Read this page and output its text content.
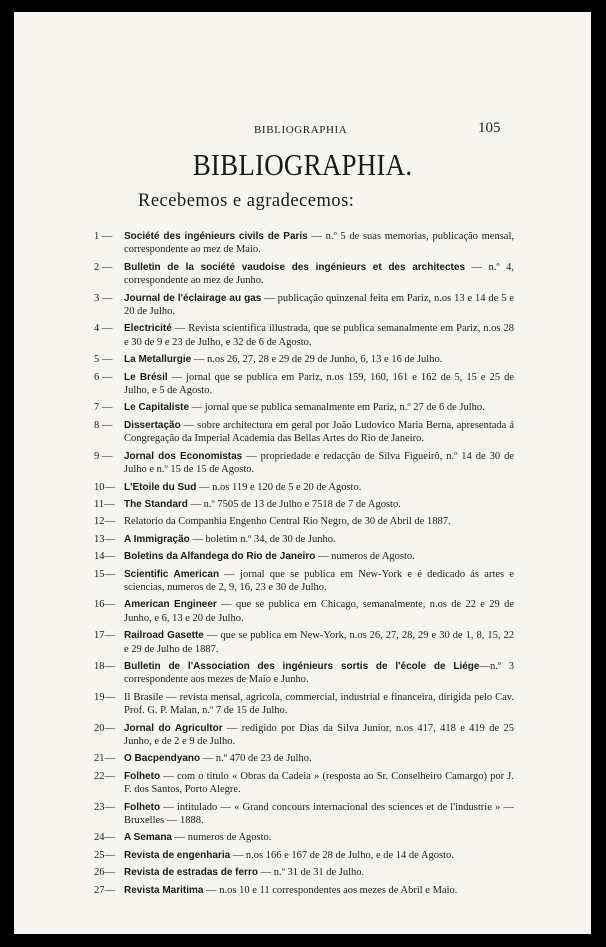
BIBLIOGRAPHIA	105
BIBLIOGRAPHIA.
Recebemos e agradecemos:
1 —	Société des ingénieurs civils de Paris — n.º 5 de suas memorias, publicação mensal, correspondente ao mez de Maio.
2 —	Bulletin de la société vaudoise des ingénieurs et des architectes — n.º 4, correspondente ao mez de Junho.
3 —	Journal de l'éclairage au gas — publicação quinzenal feita em Pariz, n.os 13 e 14 de 5 e 20 de Julho.
4 —	Electricité — Revista scientifica illustrada, que se publica semanalmente em Pariz, n.os 28 e 30 de 9 e 23 de Julho, e 32 de 6 de Agosto.
5 —	La Metallurgie — n.os 26, 27, 28 e 29 de 29 de Junho, 6, 13 e 16 de Julho.
6 —	Le Brésil — jornal que se publica em Pariz, n.os 159, 160, 161 e 162 de 5, 15 e 25 de Julho, e 5 de Agosto.
7 —	Le Capitaliste — jornal que se publica semanalmente em Pariz, n.º 27 de 6 de Julho.
8 —	Dissertação — sobre architectura em geral por João Ludovico Maria Berna, apresentada á Congregação da Imperial Academia das Bellas Artes do Rio de Janeiro.
9 —	Jornal dos Economistas — propriedade e redacção de Silva Figueirô, n.º 14 de 30 de Julho e n.º 15 de 15 de Agosto.
10— L'Etoile du Sud — n.os 119 e 120 de 5 e 20 de Agosto.
11— The Standard — n.º 7505 de 13 de Julho e 7518 de 7 de Agosto.
12— Relatorio da Companhia Engenho Central Rio Negro, de 30 de Abril de 1887.
13— A Immigração — boletim n.º 34, de 30 de Junho.
14— Boletins da Alfandega do Rio de Janeiro — numeros de Agosto.
15— Scientific American — jornal que se publica em New-York e é dedicado ás artes e sciencias, numeros de 2, 9, 16, 23 e 30 de Julho.
16— American Engineer — que se publica em Chicago, semanalmente, n.os de 22 e 29 de Junho, e 6, 13 e 20 de Julho.
17— Railroad Gasette — que se publica em New-York, n.os 26, 27, 28, 29 e 30 de 1, 8, 15, 22 e 29 de Julho de 1887.
18— Bulletin de l'Association des ingénieurs sortis de l'école de Liége—n.º 3 correspondente aos mezes de Maio e Junho.
19— Il Brasile — revista mensal, agricola, commercial, industrial e financeira, dirigida pelo Cav. Prof. G. P. Malan, n.º 7 de 15 de Julho.
20— Jornal do Agricultor — redigido por Dias da Silva Junior, n.os 417, 418 e 419 de 25 Junho, e de 2 e 9 de Julho.
21— O Bacpendyano — n.º 470 de 23 de Julho.
22— Folheto — com o titulo « Obras da Cadeia » (resposta ao Sr. Conselheiro Camargo) por J. F. dos Santos, Porto Alegre.
23— Folheto — intitulado — « Grand concours internacional des sciences et de l'industrie » — Bruxelles — 1888.
24— A Semana — numeros de Agosto.
25— Revista de engenharia — n.os 166 e 167 de 28 de Julho, e de 14 de Agosto.
26— Revista de estradas de ferro — n.º 31 de 31 de Julho.
27— Revista Maritima — n.os 10 e 11 correspondentes aos mezes de Abril e Maio.
